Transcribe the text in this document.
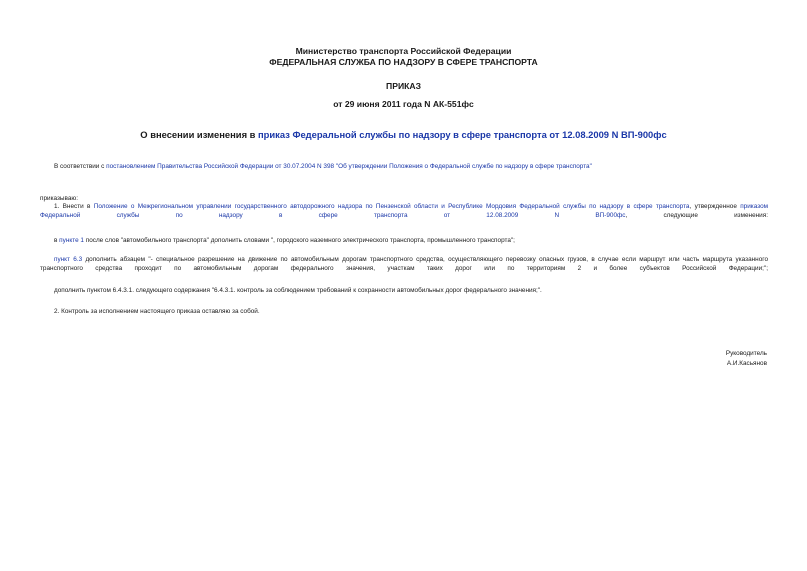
Министерство транспорта Российской Федерации
ФЕДЕРАЛЬНАЯ СЛУЖБА ПО НАДЗОРУ В СФЕРЕ ТРАНСПОРТА
ПРИКАЗ
от 29 июня 2011 года N АК-551фс
О внесении изменения в приказ Федеральной службы по надзору в сфере транспорта от 12.08.2009 N ВП-900фс
В соответствии с постановлением Правительства Российской Федерации от 30.07.2004 N 398 "Об утверждении Положения о Федеральной службе по надзору в сфере транспорта"
приказываю:
1. Внести в Положение о Межрегиональном управлении государственного автодорожного надзора по Пензенской области и Республике Мордовия Федеральной службы по надзору в сфере транспорта, утвержденное приказом Федеральной службы по надзору в сфере транспорта от 12.08.2009 N ВП-900фс, следующие изменения:
в пункте 1 после слов "автомобильного транспорта" дополнить словами ", городского наземного электрического транспорта, промышленного транспорта";
пункт 6.3 дополнить абзацем "- специальное разрешение на движение по автомобильным дорогам транспортного средства, осуществляющего перевозку опасных грузов, в случае если маршрут или часть маршрута указанного транспортного средства проходит по автомобильным дорогам федерального значения, участкам таких дорог или по территориям 2 и более субъектов Российской Федерации;";
дополнить пунктом 6.4.3.1. следующего содержания "6.4.3.1. контроль за соблюдением требований к сохранности автомобильных дорог федерального значения;".
2. Контроль за исполнением настоящего приказа оставляю за собой.
Руководитель
А.И.Касьянов
